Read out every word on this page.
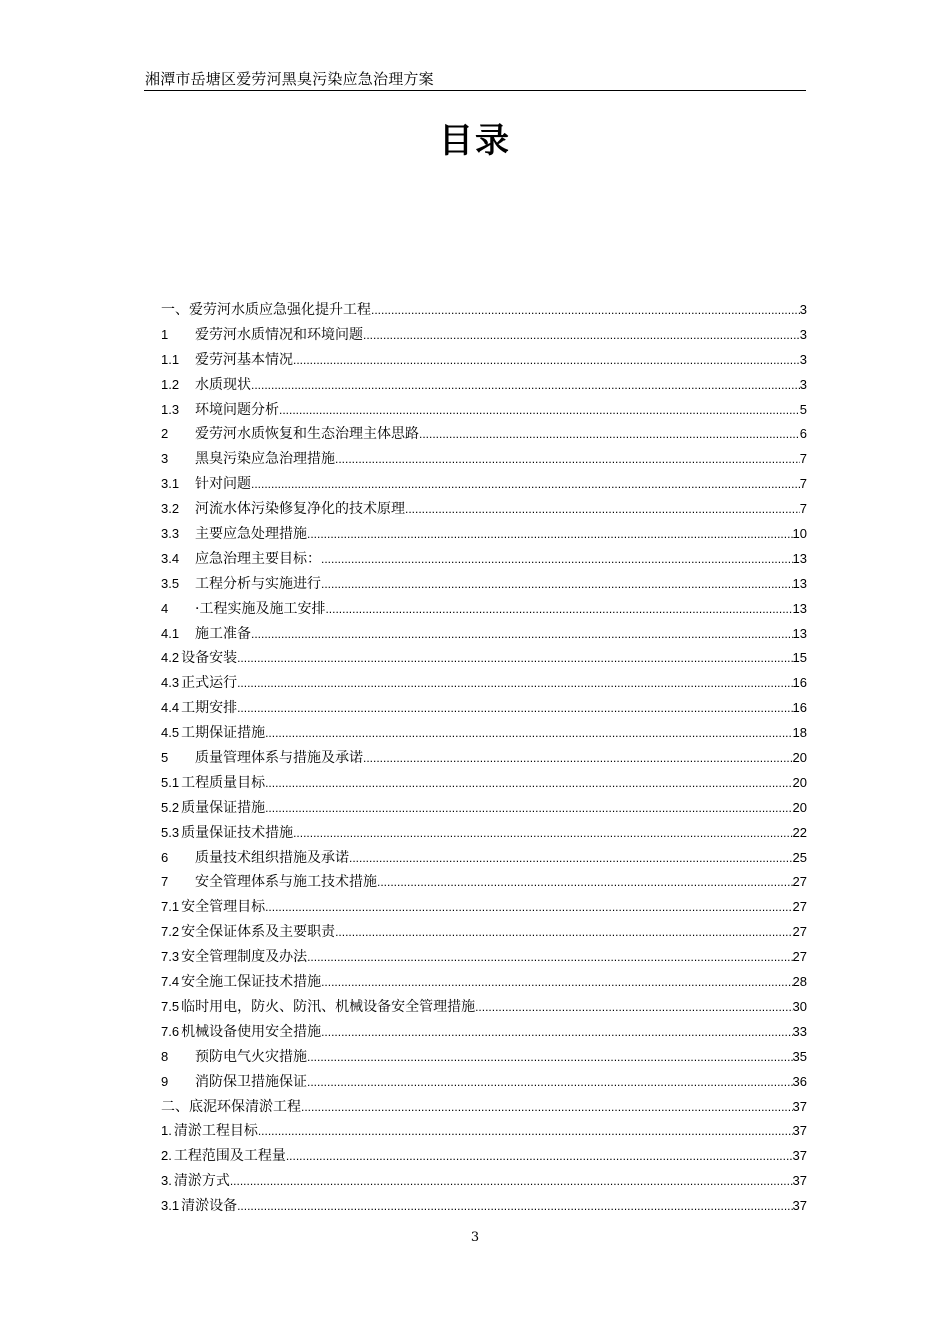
湘潭市岳塘区爱劳河黑臭污染应急治理方案
目录
一、爱劳河水质应急强化提升工程 .....	3
1	爱劳河水质情况和环境问题 .....	3
1.1	爱劳河基本情况 .....	3
1.2	水质现状 .....	3
1.3	环境问题分析 .....	5
2	爱劳河水质恢复和生态治理主体思路 .....	6
3	黑臭污染应急治理措施 .....	7
3.1	针对问题 .....	7
3.2	河流水体污染修复净化的技术原理 .....	7
3.3	主要应急处理措施 .....	10
3.4	应急治理主要目标： .....	13
3.5	工程分析与实施进行 .....	13
4	·工程实施及施工安排 .....	13
4.1	施工准备 .....	13
4.2 设备安装 .....	15
4.3 正式运行 .....	16
4.4 工期安排 .....	16
4.5 工期保证措施 .....	18
5	质量管理体系与措施及承诺 .....	20
5.1 工程质量目标 .....	20
5.2 质量保证措施 .....	20
5.3 质量保证技术措施 .....	22
6	质量技术组织措施及承诺 .....	25
7	安全管理体系与施工技术措施 .....	27
7.1 安全管理目标 .....	27
7.2 安全保证体系及主要职责 .....	27
7.3 安全管理制度及办法 .....	27
7.4 安全施工保证技术措施 .....	28
7.5 临时用电，防火、防汛、机械设备安全管理措施 .....	30
7.6 机械设备使用安全措施 .....	33
8	预防电气火灾措施 .....	35
9	消防保卫措施保证 .....	36
二、底泥环保清淤工程 .....	37
1. 清淤工程目标 .....	37
2. 工程范围及工程量 .....	37
3. 清淤方式 .....	37
3.1 清淤设备 .....	37
3
